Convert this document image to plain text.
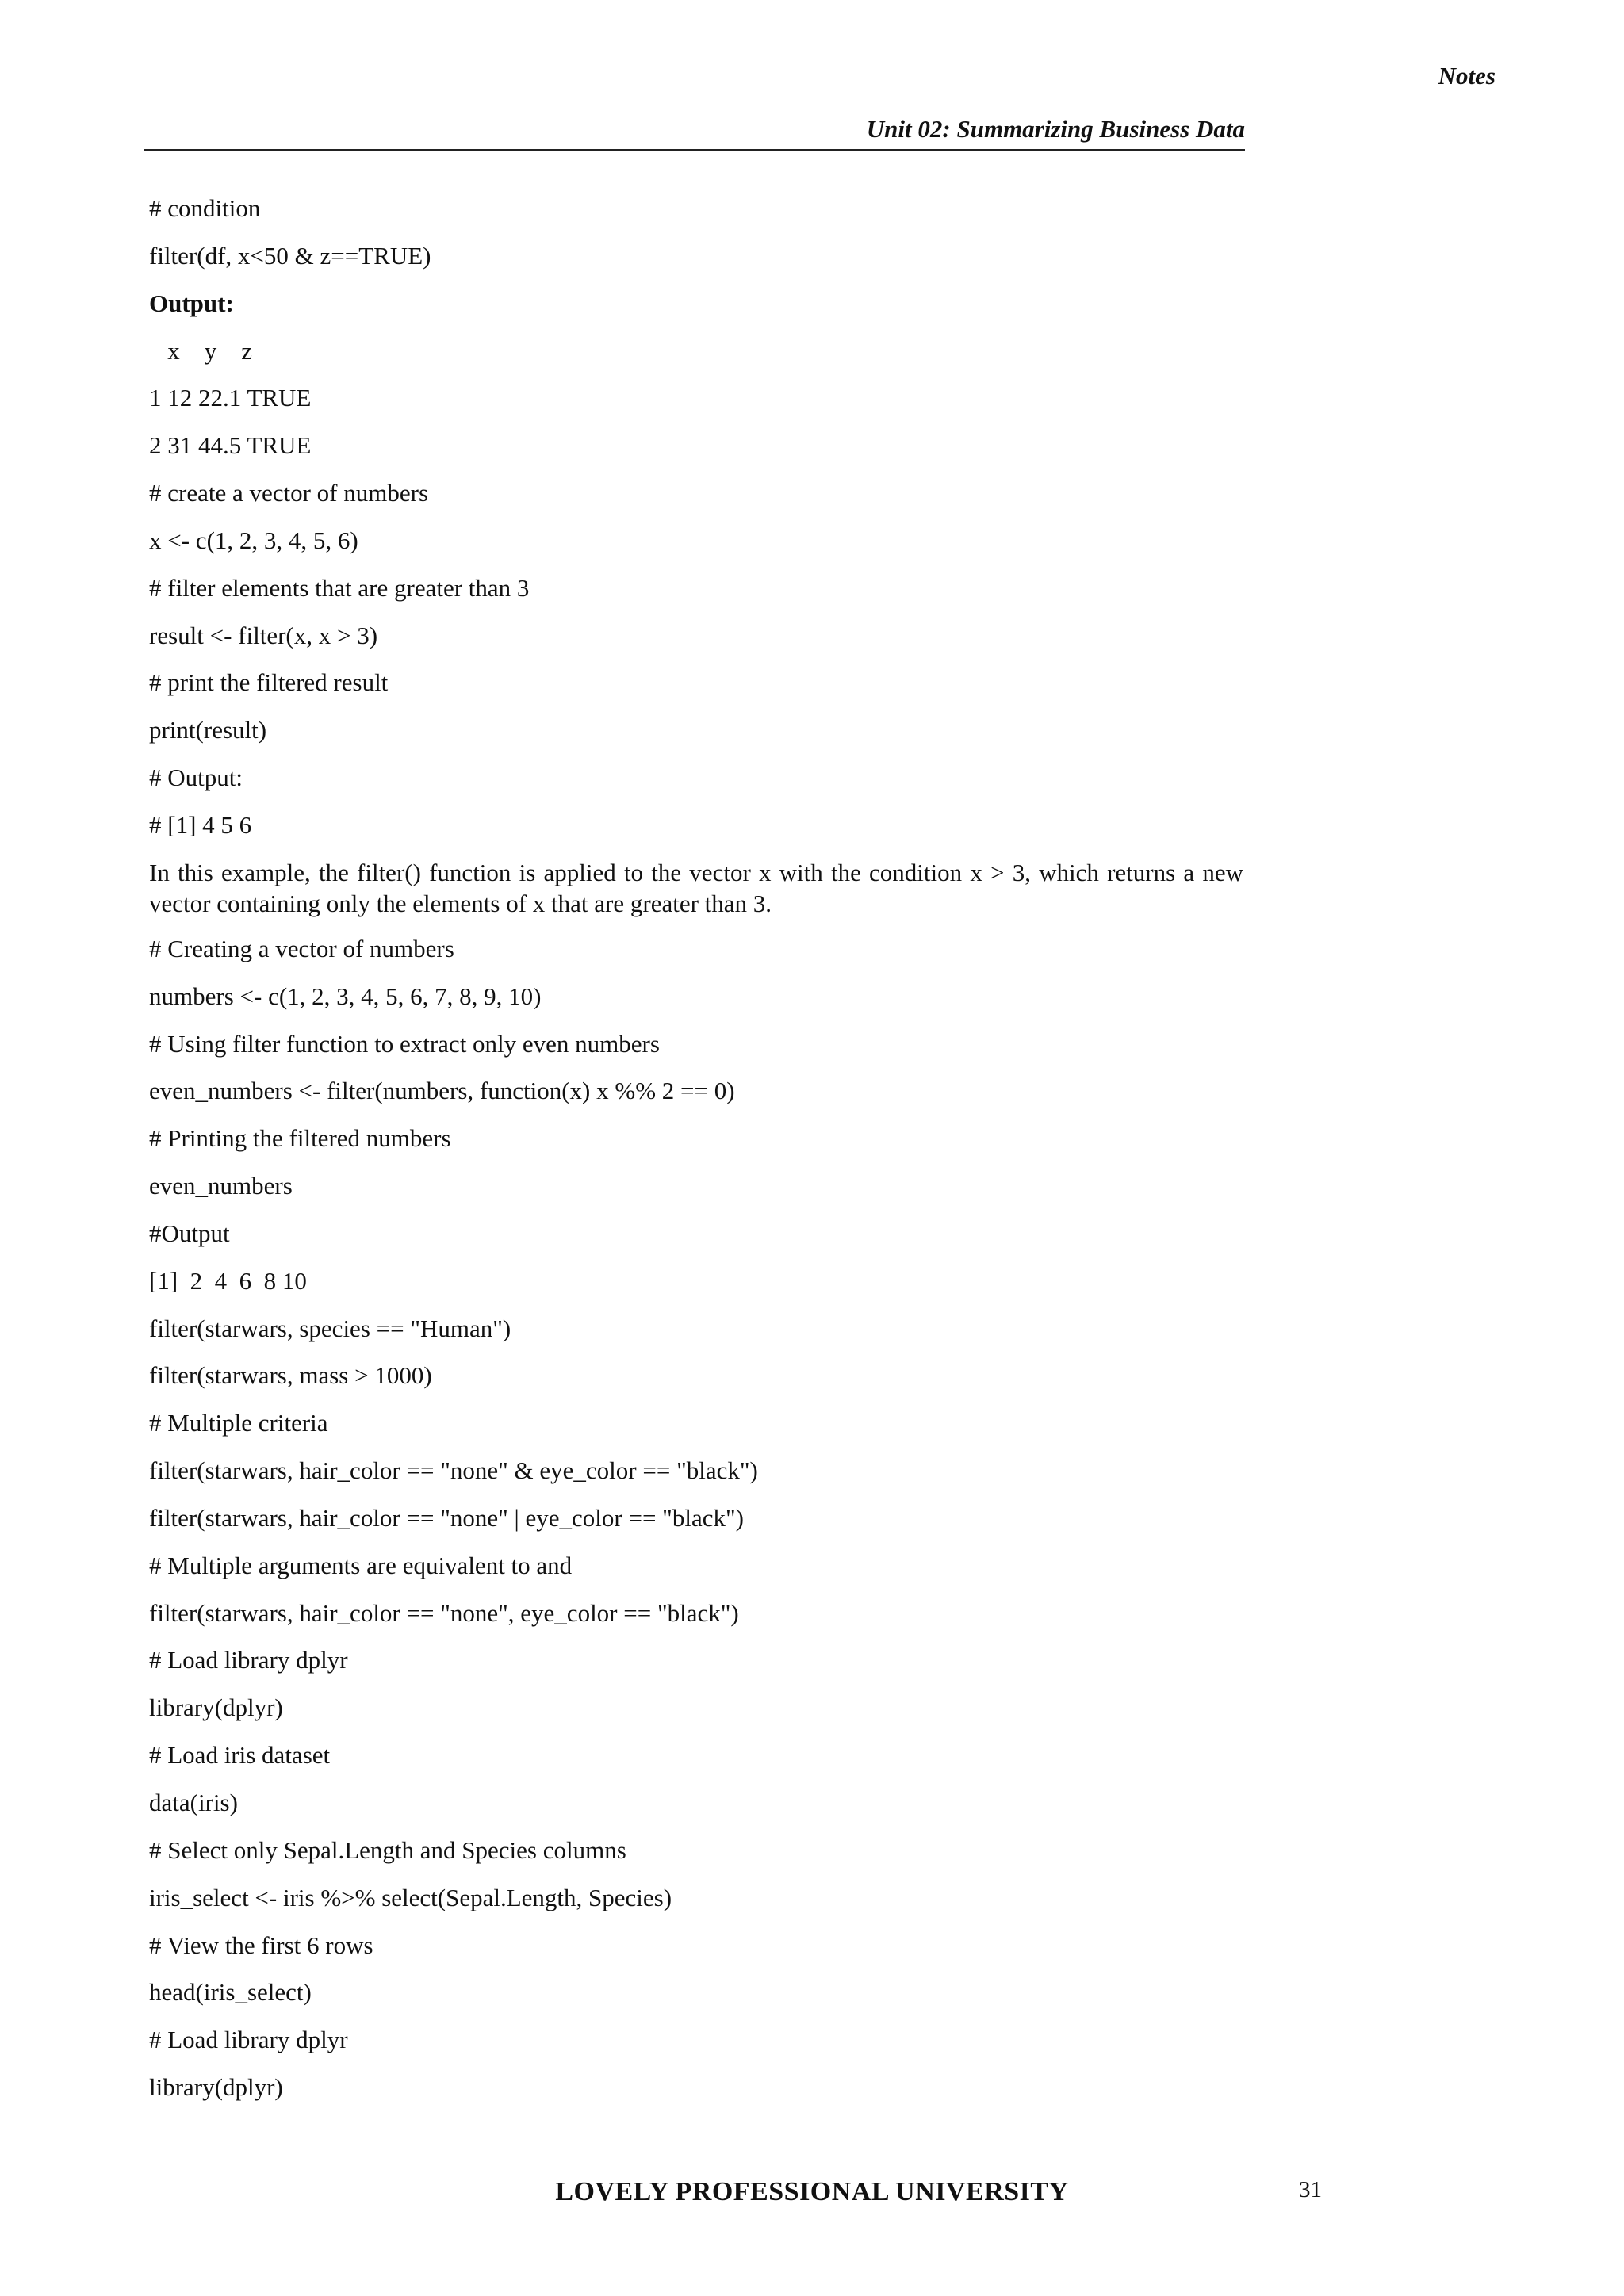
Notes
Unit 02: Summarizing Business Data
# condition
filter(df, x<50 & z==TRUE)
Output:
x    y    z
1 12 22.1 TRUE
2 31 44.5 TRUE
# create a vector of numbers
x <- c(1, 2, 3, 4, 5, 6)
# filter elements that are greater than 3
result <- filter(x, x > 3)
# print the filtered result
print(result)
# Output:
# [1] 4 5 6
In this example, the filter() function is applied to the vector x with the condition x > 3, which returns a new vector containing only the elements of x that are greater than 3.
# Creating a vector of numbers
numbers <- c(1, 2, 3, 4, 5, 6, 7, 8, 9, 10)
# Using filter function to extract only even numbers
even_numbers <- filter(numbers, function(x) x %% 2 == 0)
# Printing the filtered numbers
even_numbers
#Output
[1]  2  4  6  8 10
filter(starwars, species == "Human")
filter(starwars, mass > 1000)
# Multiple criteria
filter(starwars, hair_color == "none" & eye_color == "black")
filter(starwars, hair_color == "none" | eye_color == "black")
# Multiple arguments are equivalent to and
filter(starwars, hair_color == "none", eye_color == "black")
# Load library dplyr
library(dplyr)
# Load iris dataset
data(iris)
# Select only Sepal.Length and Species columns
iris_select <- iris %>% select(Sepal.Length, Species)
# View the first 6 rows
head(iris_select)
# Load library dplyr
library(dplyr)
LOVELY PROFESSIONAL UNIVERSITY	31
